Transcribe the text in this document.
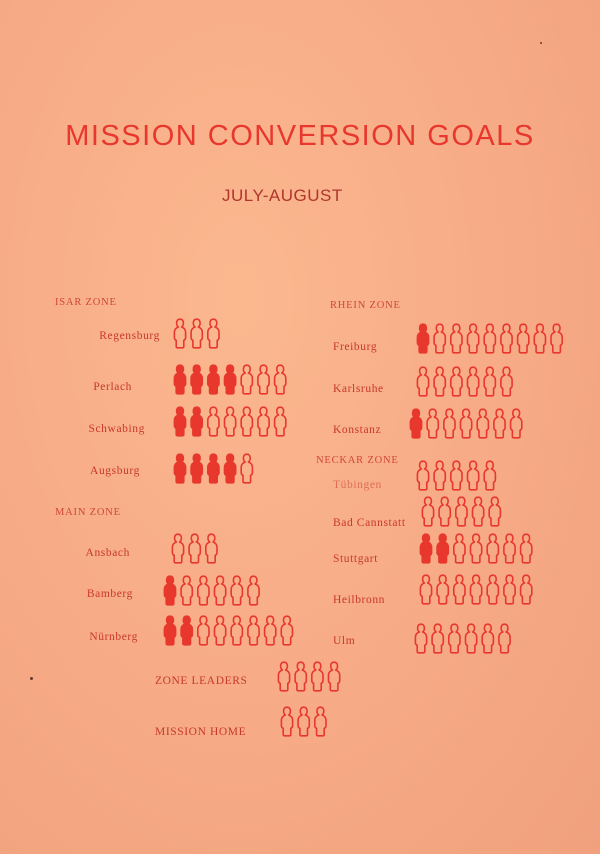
MISSION CONVERSION GOALS
JULY-AUGUST
ISAR ZONE
Regensburg
Perlach
Schwabing
Augsburg
MAIN ZONE
Ansbach
Bamberg
Nürnberg
RHEIN ZONE
Freiburg
Karlsruhe
Konstanz
NECKAR ZONE
Tübingen
Bad Cannstatt
Stuttgart
Heilbronn
Ulm
ZONE LEADERS
MISSION HOME
